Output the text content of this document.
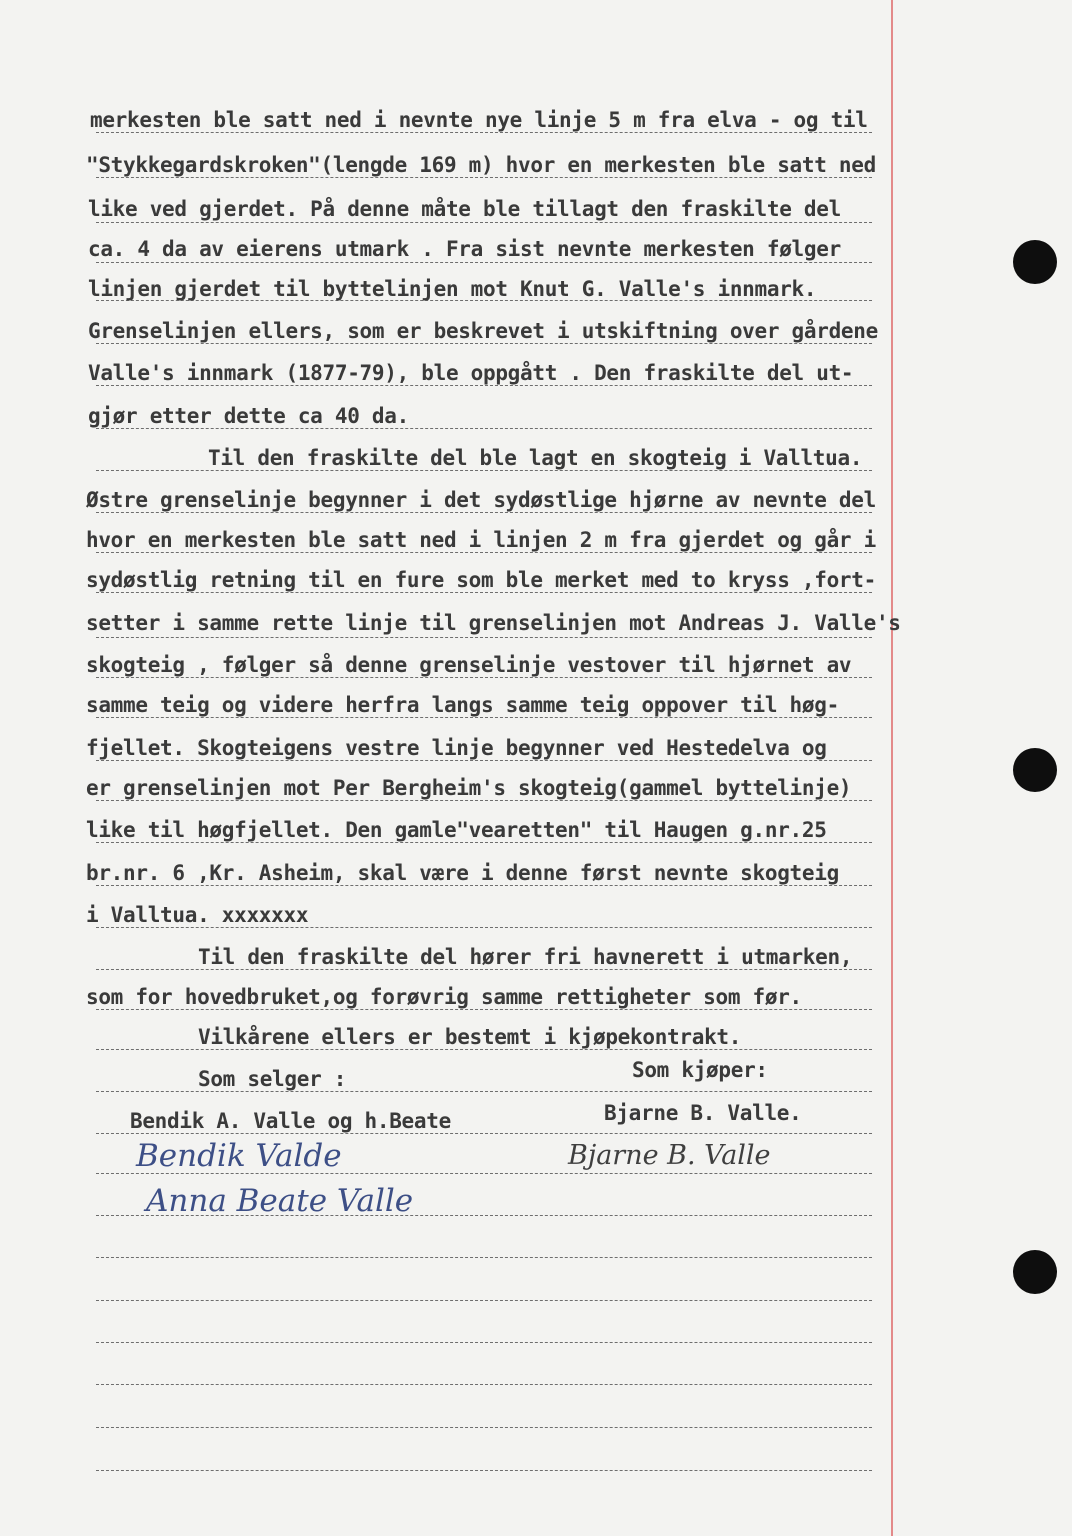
merkesten ble satt ned i nevnte nye linje 5 m fra elva - og til
"Stykkegardskroken"(lengde 169 m) hvor en merkesten ble satt ned
like ved gjerdet. På denne måte ble tillagt den fraskilte del
ca. 4 da av eierens utmark . Fra sist nevnte merkesten følger
linjen gjerdet til byttelinjen mot Knut G. Valle's innmark.
Grenselinjen ellers, som er beskrevet i utskiftning over gårdene
Valle's innmark (1877-79), ble oppgått . Den fraskilte del ut-
gjør etter dette ca 40 da.
Til den fraskilte del ble lagt en skogteig i Valltua.
Østre grenselinje begynner i det sydøstlige hjørne av nevnte del
hvor en merkesten ble satt ned i linjen 2 m fra gjerdet og går i
sydøstlig retning til en fure som ble merket med to kryss ,fort-
setter i samme rette linje til grenselinjen mot Andreas J. Valle's
skogteig , følger så denne grenselinje vestover til hjørnet av
samme teig og videre herfra langs samme teig oppover til høg-
fjellet. Skogteigens vestre linje begynner ved Hestedelva og
er grenselinjen mot Per Bergheim's skogteig(gammel byttelinje)
like til høgfjellet. Den gamle"vearetten" til Haugen g.nr.25
br.nr. 6 ,Kr. Asheim, skal være i denne først nevnte skogteig
i Valltua. xxxxxxx
Til den fraskilte del hører fri havnerett i utmarken,
som for hovedbruket,og forøvrig samme rettigheter som før.
Vilkårene ellers er bestemt i kjøpekontrakt.
Som selger :	Som kjøper:
Bendik A. Valle og h.Beate	Bjarne B. Valle.
Bendik Valde
Anna Beate Valle
Bjarne B. Valle
